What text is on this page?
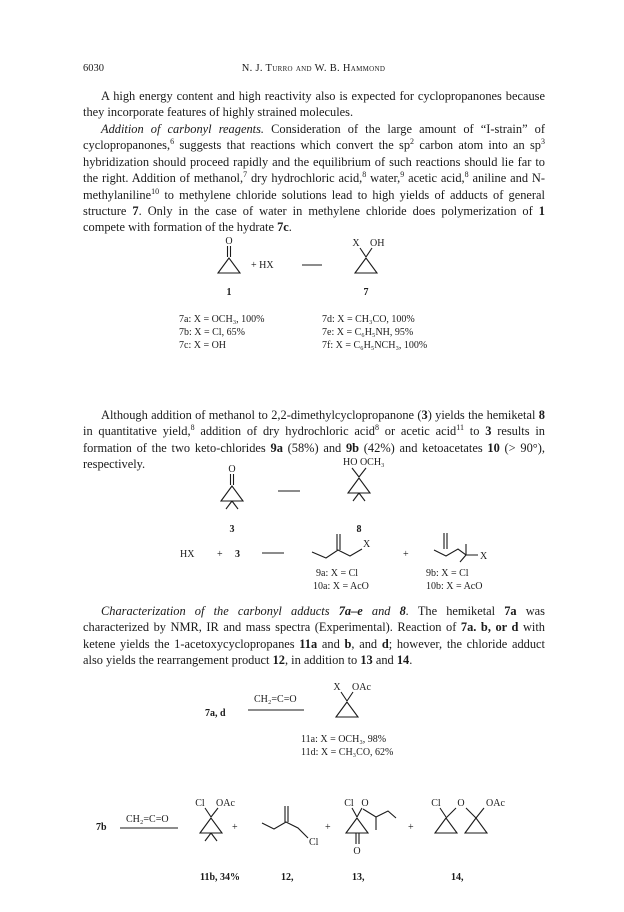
6030	N. J. Turro and W. B. Hammond

A high energy content and high reactivity also is expected for cyclopropanones because they incorporate features of highly strained molecules.

Addition of carbonyl reagents. Consideration of the large amount of “I-strain” of cyclopropanones,$^6$ suggests that reactions which convert the $sp^2$ carbon atom into an $sp^3$ hybridization should proceed rapidly and the equilibrium of such reactions should lie far to the right. Addition of methanol,$^7$ dry hydrochloric acid,$^8$ water,$^9$ acetic acid,$^8$ aniline and N-methylaniline$^{10}$ to methylene chloride solutions lead to high yields of adducts of general structure 7. Only in the case of water in methylene chloride does polymerization of 1 compete with formation of the hydrate 7c.

Although addition of methanol to 2,2-dimethylcyclopropanone (3) yields the hemiketal 8 in quantitative yield,$^8$ addition of dry hydrochloric acid$^8$ or acetic acid$^{11}$ to 3 results in formation of the two keto-chlorides 9a (58%) and 9b (42%) and ketoacetates 10 (> 90°), respectively.

Characterization of the carbonyl adducts 7a–e and 8. The hemiketal 7a was characterized by NMR, IR and mass spectra (Experimental). Reaction of 7a. b, or d with ketene yields the 1-acetoxycyclopropanes 11a and b, and d; however, the chloride adduct also yields the rearrangement product 12, in addition to 13 and 14.

O
+ HX
X OH
1	7
7a: X = OCH₃, 100%
7b: X = Cl, 65%
7c: X = OH
7d: X = CH₃CO, 100%
7e: X = C₆H₅NH, 95%
7f: X = C₆H₅NCH₃, 100%
O
HO OCH₃
3	8
HX + 3
X
+	X
9a: X = Cl
10a: X = AcO
9b: X = Cl
10b: X = AcO
7a, d
CH₂=C=O
X OAc
11a: X = OCH₃, 98%
11d: X = CH₃CO, 62%
7b
CH₂=C=O
Cl OAc
+
Cl
+
Cl O
O
+
Cl O OAc
11b, 34%	12,	13,	14,
